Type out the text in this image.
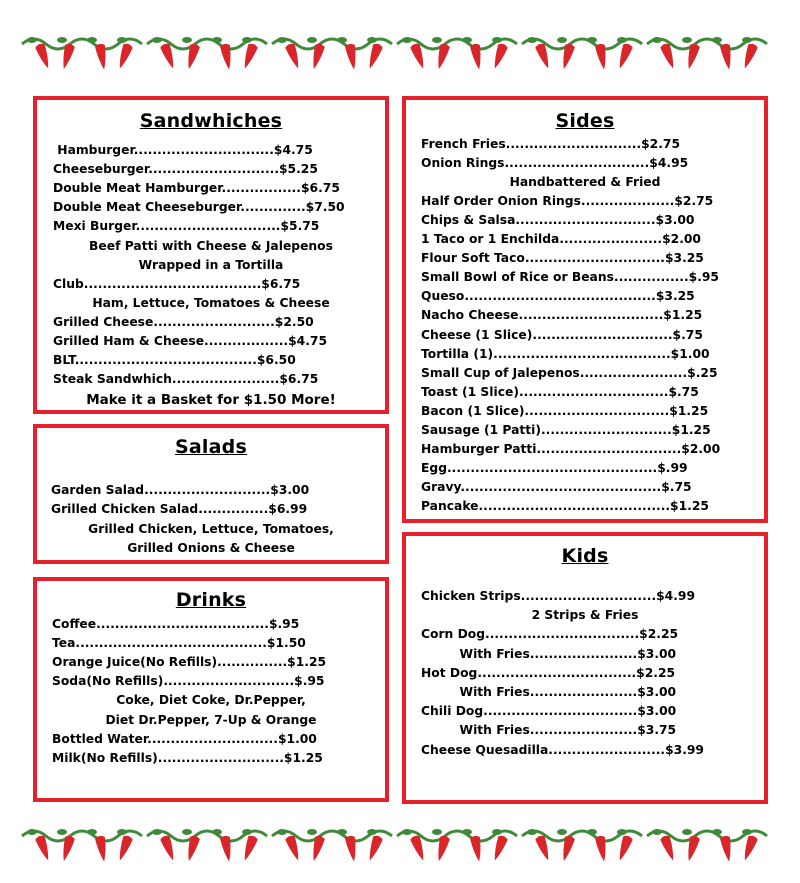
Sandwhiches
Hamburger..............................$4.75
Cheeseburger............................$5.25
Double Meat Hamburger.................$6.75
Double Meat Cheeseburger..............$7.50
Mexi Burger...............................$5.75
Beef Patti with Cheese & Jalepenos
Wrapped in a Tortilla
Club......................................$6.75
Ham, Lettuce, Tomatoes & Cheese
Grilled Cheese..........................$2.50
Grilled Ham & Cheese..................$4.75
BLT.......................................$6.50
Steak Sandwhich.......................$6.75
Make it a Basket for $1.50 More!
Salads
Garden Salad...........................$3.00
Grilled Chicken Salad...............$6.99
Grilled Chicken, Lettuce, Tomatoes,
Grilled Onions & Cheese
Drinks
Coffee.....................................$.95
Tea.........................................$1.50
Orange Juice(No Refills)...............$1.25
Soda(No Refills)............................$.95
Coke, Diet Coke, Dr.Pepper,
Diet Dr.Pepper, 7-Up & Orange
Bottled Water............................$1.00
Milk(No Refills)...........................$1.25
Sides
French Fries.............................$2.75
Onion Rings...............................$4.95
Handbattered & Fried
Half Order Onion Rings....................$2.75
Chips & Salsa..............................$3.00
1 Taco or 1 Enchilda......................$2.00
Flour Soft Taco..............................$3.25
Small Bowl of Rice or Beans................$.95
Queso.........................................$3.25
Nacho Cheese...............................$1.25
Cheese (1 Slice)..............................$.75
Tortilla (1)......................................$1.00
Small Cup of Jalepenos.......................$.25
Toast (1 Slice)................................$.75
Bacon (1 Slice)...............................$1.25
Sausage (1 Patti)............................$1.25
Hamburger Patti...............................$2.00
Egg.............................................$.99
Gravy...........................................$.75
Pancake.........................................$1.25
Kids
Chicken Strips.............................$4.99
2 Strips & Fries
Corn Dog.................................$2.25
With Fries.......................$3.00
Hot Dog..................................$2.25
With Fries.......................$3.00
Chili Dog.................................$3.00
With Fries.......................$3.75
Cheese Quesadilla.........................$3.99
